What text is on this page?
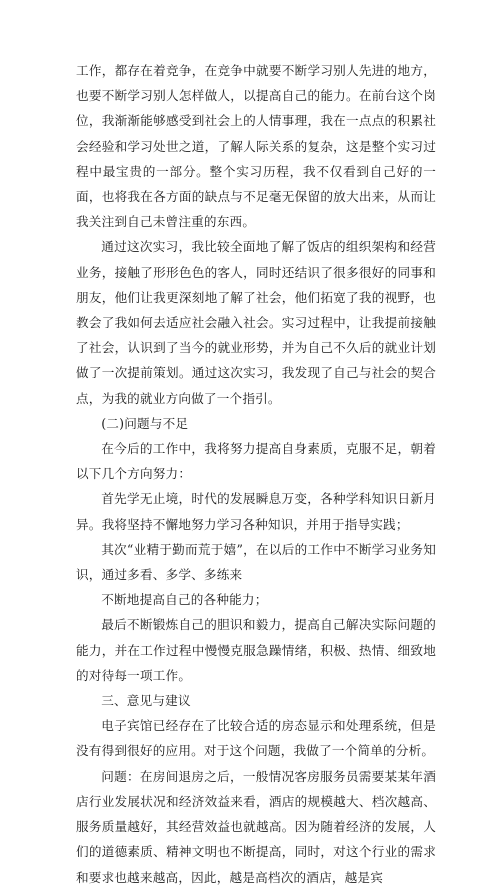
工作，都存在着竞争，在竞争中就要不断学习别人先进的地方，也要不断学习别人怎样做人，以提高自己的能力。在前台这个岗位，我渐渐能够感受到社会上的人情事理，我在一点点的积累社会经验和学习处世之道，了解人际关系的复杂，这是整个实习过程中最宝贵的一部分。整个实习历程，我不仅看到自己好的一面，也将我在各方面的缺点与不足毫无保留的放大出来，从而让我关注到自己未曾注重的东西。

通过这次实习，我比较全面地了解了饭店的组织架构和经营业务，接触了形形色色的客人，同时还结识了很多很好的同事和朋友，他们让我更深刻地了解了社会，他们拓宽了我的视野，也教会了我如何去适应社会融入社会。实习过程中，让我提前接触了社会，认识到了当今的就业形势，并为自己不久后的就业计划做了一次提前策划。通过这次实习，我发现了自己与社会的契合点，为我的就业方向做了一个指引。

(二)问题与不足

在今后的工作中，我将努力提高自身素质，克服不足，朝着以下几个方向努力：

首先学无止境，时代的发展瞬息万变，各种学科知识日新月异。我将坚持不懈地努力学习各种知识，并用于指导实践；

其次“业精于勤而荒于嬉”，在以后的工作中不断学习业务知识，通过多看、多学、多练来

不断地提高自己的各种能力；

最后不断锻炼自己的胆识和毅力，提高自己解决实际问题的能力，并在工作过程中慢慢克服急躁情绪，积极、热情、细致地的对待每一项工作。

三、意见与建议

电子宾馆已经存在了比较合适的房态显示和处理系统，但是没有得到很好的应用。对于这个问题，我做了一个简单的分析。

问题：在房间退房之后，一般情况客房服务员需要某某年酒店行业发展状况和经济效益来看，酒店的规模越大、档次越高、服务质量越好，其经营效益也就越高。因为随着经济的发展，人们的道德素质、精神文明也不断提高，同时，对这个行业的需求和要求也越来越高，因此，越是高档次的酒店，越是宾
